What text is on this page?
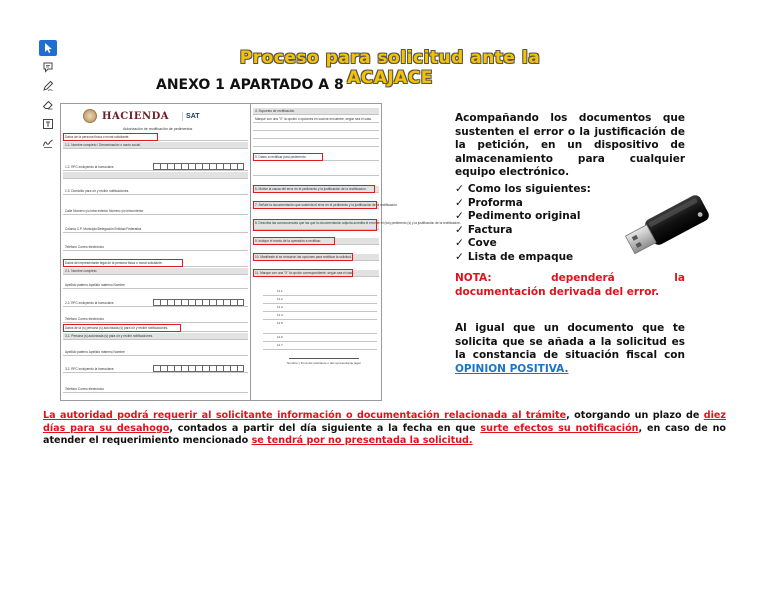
Proceso para solicitud ante la ACAJACE
ANEXO 1 APARTADO A 8
HACIENDA	SAT
Autorización de rectificación de pedimentos
Datos de la persona física o moral solicitante.
1.1. Nombre completo / Denominación o razón social.
1.2. RFC incluyendo la homoclave.
1.3. Domicilio para oír y recibir notificaciones.
Calle Número y/o letra exterior Número y/o letra interior
Colonia C.P. Municipio/Delegación Entidad Federativa
Teléfono Correo electrónico
Datos del representante legal de la persona física o moral solicitante.
2.1. Nombre completo.
Apellido paterno Apellido materno Nombre
2.2. RFC incluyendo la homoclave.
Teléfono Correo electrónico
Datos de la (s) persona (s) autorizada (s) para oír y recibir notificaciones.
3.1. Persona (s) autorizada (s) para oír y recibir notificaciones.
Apellido paterno Apellido materno Nombre
3.2. RFC incluyendo la homoclave.
Teléfono Correo electrónico
4. Supuesto de rectificación.
Marque con una "X" la opción o opciones en cual se encuentre, según sea el caso.
5. Datos a rectificar para pedimento.
6. Motive la causa del error en el pedimento y la justificación de la rectificación.
7. Señale la documentación que sustenta el error en el pedimento y la justificación de la rectificación.
8. Describa las consecuencias que las que la documentación adjunta acredita el error en el (los) pedimento (s) y la justificación de la rectificación.
9. Indique el monto de la operación a rectificar.
10. Manifieste si se revisaron las opciones para rectificar la solicitud.
11. Marque con una "X" la opción correspondiente, según sea el caso.
11.1
11.2
11.3
11.4
11.5
11.6
11.7
Nombre y firma del solicitante o del representante legal
Acompañando los documentos que sustenten el error o la justificación de la petición, en un dispositivo de almacenamiento para cualquier equipo electrónico.
✓ Como los siguientes:
✓ Proforma
✓ Pedimento original
✓ Factura
✓ Cove
✓ Lista de empaque
NOTA: dependerá la
documentación derivada del error.
Al igual que un documento que te solicita que se añada a la solicitud es la constancia de situación fiscal con OPINION POSITIVA.
La autoridad podrá requerir al solicitante información o documentación relacionada al trámite, otorgando un plazo de diez días para su desahogo, contados a partir del día siguiente a la fecha en que surte efectos su notificación, en caso de no atender el requerimiento mencionado se tendrá por no presentada la solicitud.
